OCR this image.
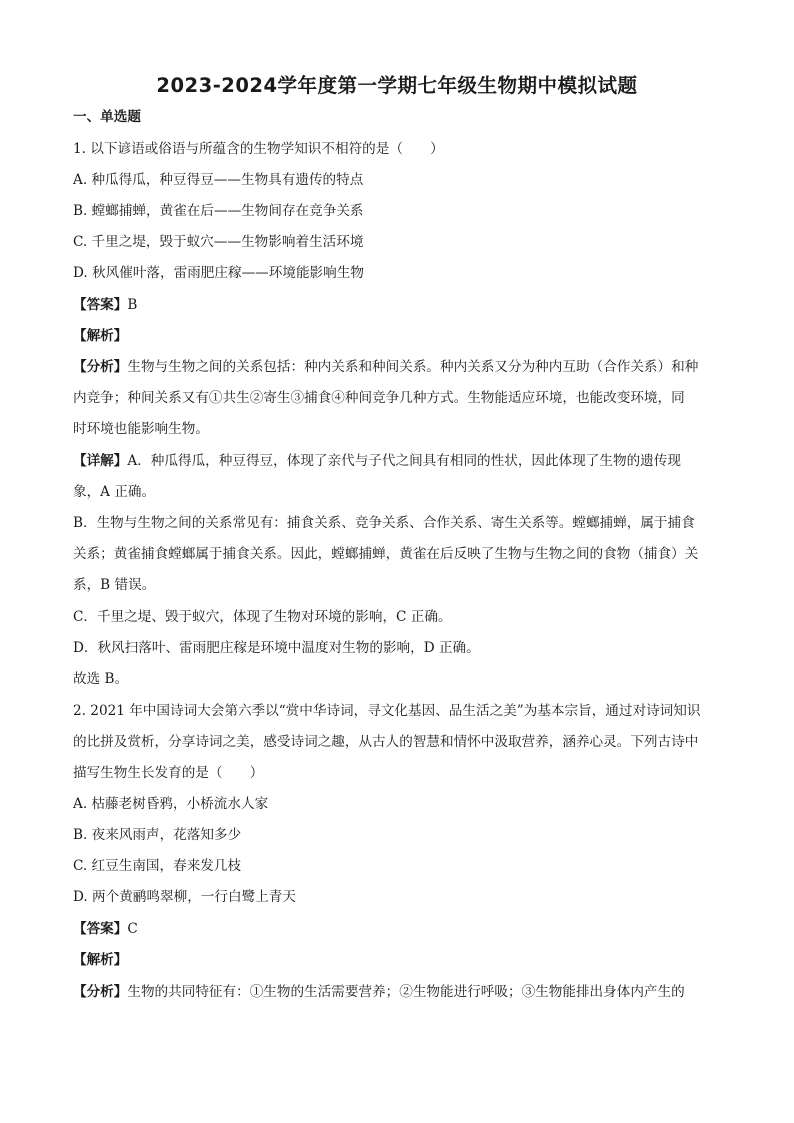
2023-2024学年度第一学期七年级生物期中模拟试题
一、单选题
1. 以下谚语或俗语与所蕴含的生物学知识不相符的是（　　）
A. 种瓜得瓜，种豆得豆——生物具有遗传的特点
B. 螳螂捕蝉，黄雀在后——生物间存在竞争关系
C. 千里之堤，毁于蚁穴——生物影响着生活环境
D. 秋风催叶落，雷雨肥庄稼——环境能影响生物
【答案】B
【解析】
【分析】生物与生物之间的关系包括：种内关系和种间关系。种内关系又分为种内互助（合作关系）和种
内竞争；种间关系又有①共生②寄生③捕食④种间竞争几种方式。生物能适应环境，也能改变环境，同
时环境也能影响生物。
【详解】A．种瓜得瓜，种豆得豆，体现了亲代与子代之间具有相同的性状，因此体现了生物的遗传现
象，A 正确。
B．生物与生物之间的关系常见有：捕食关系、竞争关系、合作关系、寄生关系等。螳螂捕蝉，属于捕食
关系；黄雀捕食螳螂属于捕食关系。因此，螳螂捕蝉，黄雀在后反映了生物与生物之间的食物（捕食）关
系，B 错误。
C．千里之堤、毁于蚁穴，体现了生物对环境的影响，C 正确。
D．秋风扫落叶、雷雨肥庄稼是环境中温度对生物的影响，D 正确。
故选 B。
2. 2021 年中国诗词大会第六季以“赏中华诗词，寻文化基因、品生活之美”为基本宗旨，通过对诗词知识
的比拼及赏析，分享诗词之美，感受诗词之趣，从古人的智慧和情怀中汲取营养，涵养心灵。下列古诗中
描写生物生长发育的是（　　）
A. 枯藤老树昏鸦，小桥流水人家
B. 夜来风雨声，花落知多少
C. 红豆生南国，春来发几枝
D. 两个黄鹂鸣翠柳，一行白鹭上青天
【答案】C
【解析】
【分析】生物的共同特征有：①生物的生活需要营养；②生物能进行呼吸；③生物能排出身体内产生的
